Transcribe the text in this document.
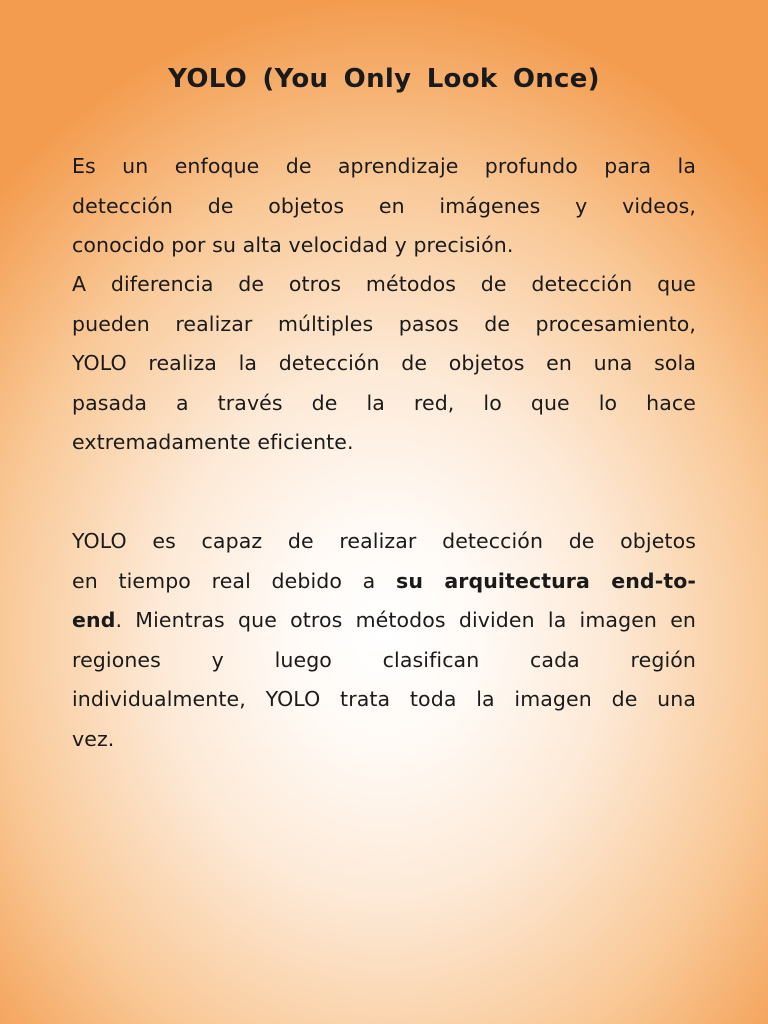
YOLO (You Only Look Once)

Es un enfoque de aprendizaje profundo para la
detección de objetos en imágenes y videos,
conocido por su alta velocidad y precisión.

A diferencia de otros métodos de detección que
pueden realizar múltiples pasos de procesamiento,
YOLO realiza la detección de objetos en una sola
pasada a través de la red, lo que lo hace
extremadamente eficiente.

YOLO es capaz de realizar detección de objetos
en tiempo real debido a su arquitectura end-to-
end. Mientras que otros métodos dividen la imagen en
regiones y luego clasifican cada región
individualmente, YOLO trata toda la imagen de una
vez.
